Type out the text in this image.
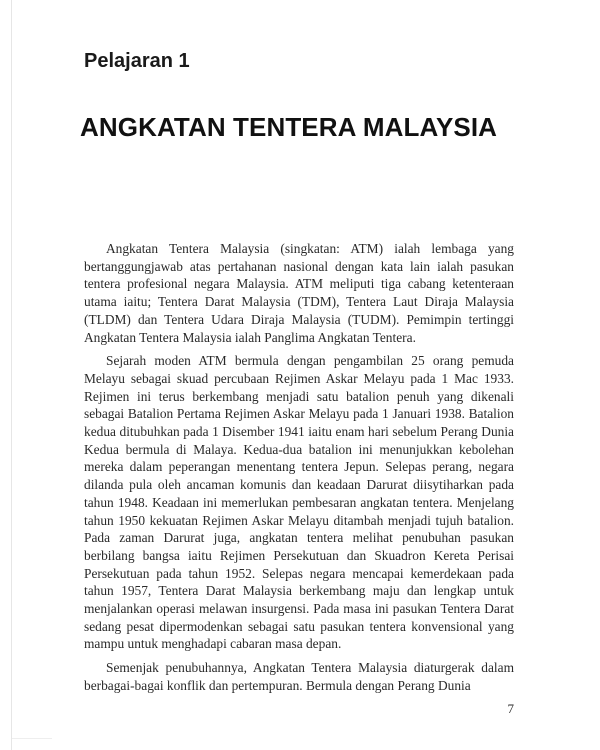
Pelajaran 1
ANGKATAN TENTERA MALAYSIA

Angkatan Tentera Malaysia (singkatan: ATM) ialah lembaga yang bertanggungjawab atas pertahanan nasional dengan kata lain ialah pasukan tentera profesional negara Malaysia. ATM meliputi tiga cabang ketenteraan utama iaitu; Tentera Darat Malaysia (TDM), Tentera Laut Diraja Malaysia (TLDM) dan Tentera Udara Diraja Malaysia (TUDM). Pemimpin tertinggi Angkatan Tentera Malaysia ialah Panglima Angkatan Tentera.

Sejarah moden ATM bermula dengan pengambilan 25 orang pemuda Melayu sebagai skuad percubaan Rejimen Askar Melayu pada 1 Mac 1933. Rejimen ini terus berkembang menjadi satu batalion penuh yang dikenali sebagai Batalion Pertama Rejimen Askar Melayu pada 1 Januari 1938. Batalion kedua ditubuhkan pada 1 Disember 1941 iaitu enam hari sebelum Perang Dunia Kedua bermula di Malaya. Kedua-dua batalion ini menunjukkan kebolehan mereka dalam peperangan menentang tentera Jepun. Selepas perang, negara dilanda pula oleh ancaman komunis dan keadaan Darurat diisytiharkan pada tahun 1948. Keadaan ini memerlukan pembesaran angkatan tentera. Menjelang tahun 1950 kekuatan Rejimen Askar Melayu ditambah menjadi tujuh batalion. Pada zaman Darurat juga, angkatan tentera melihat penubuhan pasukan berbilang bangsa iaitu Rejimen Persekutuan dan Skuadron Kereta Perisai Persekutuan pada tahun 1952. Selepas negara mencapai kemerdekaan pada tahun 1957, Tentera Darat Malaysia berkembang maju dan lengkap untuk menjalankan operasi melawan insurgensi. Pada masa ini pasukan Tentera Darat sedang pesat dipermodenkan sebagai satu pasukan tentera konvensional yang mampu untuk menghadapi cabaran masa depan.

Semenjak penubuhannya, Angkatan Tentera Malaysia diaturgerak dalam berbagai-bagai konflik dan pertempuran. Bermula dengan Perang Dunia

7
